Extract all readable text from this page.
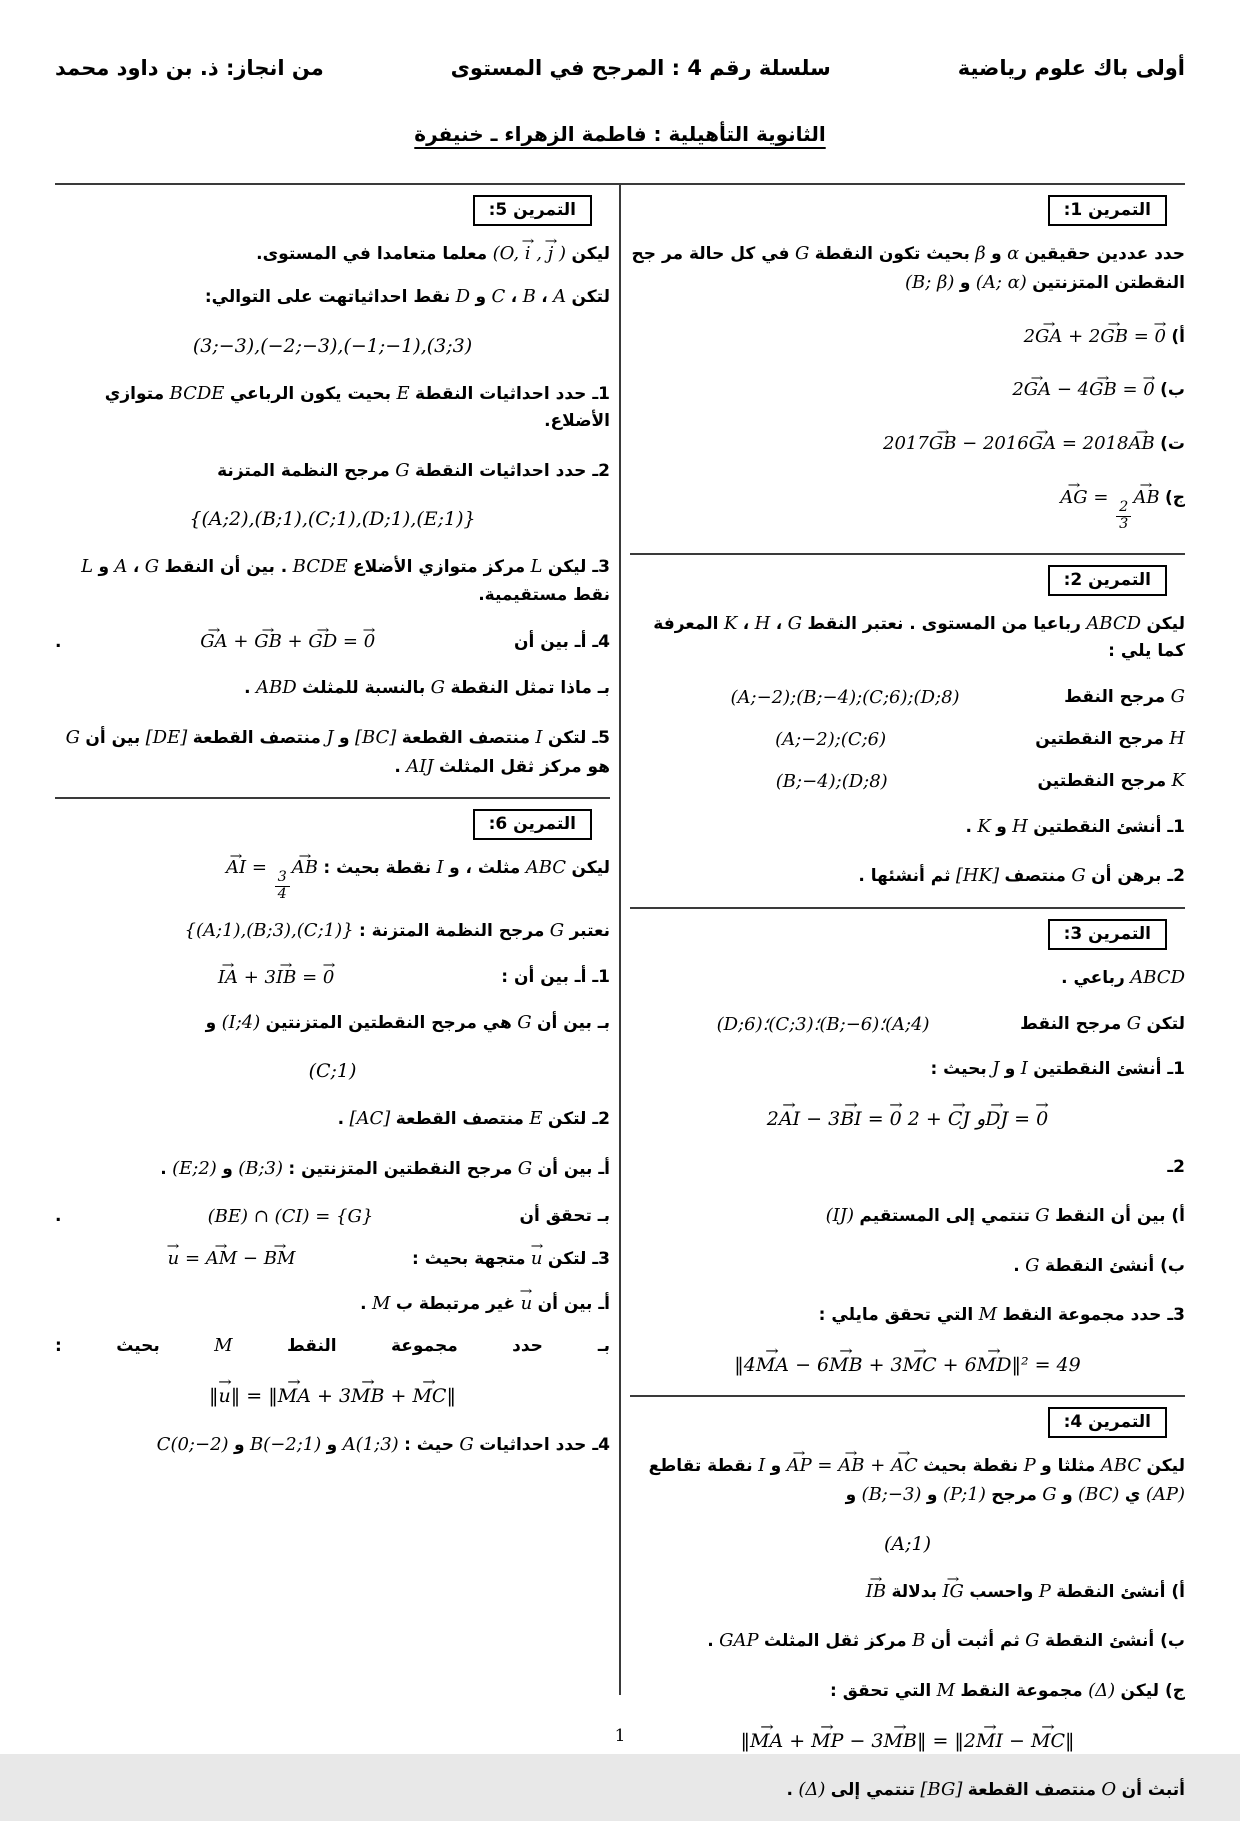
أولى باك علوم رياضية
سلسلة رقم 4 : المرجح في المستوى
من انجاز: ذ. بن داود محمد
الثانوية التأهيلية : فاطمة الزهراء ـ خنيفرة
التمرين 1:
حدد عددين حقيقين α و β بحيث تكون النقطة G في كل حالة مر جح النقطتن المتزنتين (A; α) و (B; β)
أ) 2→ GA + 2→ GB = → 0
ب) 2→ GA − 4→ GB = → 0
ت) 2017→ GB − 2016→ GA = 2018→ AB
ج) → AG =
$\frac{2}{3}$
→ AB
التمرين 2:
ليكن ABCD رباعيا من المستوى . نعتبر النقط G ، H ، K المعرفة كما يلي :
G مرجح النقط
(A;−2);(B;−4);(C;6);(D;8)
H مرجح النقطتين
(A;−2);(C;6)
K مرجح النقطتين
(B;−4);(D;8)
1ـ أنشئ النقطتين H و K .
2ـ برهن أن G منتصف [HK] ثم أنشئها .
التمرين 3:
ABCD رباعي .
لتكن G مرجح النقط
(A;4)؛(B;−6)؛(C;3)؛(D;6)
1ـ أنشئ النقطتين I و J بحيث :
2→ AI − 3→ BI = → 0 و → CJ + 2 → DJ = → 0
2ـ
أ) بين أن النقط G تنتمي إلى المستقيم (IJ)
ب) أنشئ النقطة G .
3ـ حدد مجموعة النقط M التي تحقق مايلي :
‖4→ MA − 6→ MB + 3→ MC + 6→ MD‖² = 49
التمرين 4:
ليكن ABC مثلثا و P نقطة بحيث → AP = → AB + → AC و I نقطة تقاطع (AP) ي (BC) و G مرجح (P;1) و (B;−3) و
(A;1)
أ) أنشئ النقطة P واحسب → IG بدلالة → IB
ب) أنشئ النقطة G ثم أثبت أن B مركز ثقل المثلث GAP .
ج) ليكن (Δ) مجموعة النقط M التي تحقق :
‖→ MA + → MP − 3→ MB‖ = ‖2→ MI − → MC‖
أتبث أن O منتصف القطعة [BG] تنتمي إلى (Δ) .
التمرين 5:
ليكن (O, → i , → j ) معلما متعامدا في المستوى.
لتكن A ، B ، C و D نقط احداثياتهت على التوالي:
(3;−3),(−2;−3),(−1;−1),(3;3)
1ـ حدد احداثيات النقطة E بحيت يكون الرباعي BCDE متوازي الأضلاع.
2ـ حدد احداثيات النقطة G مرجح النظمة المتزنة
{(A;2),(B;1),(C;1),(D;1),(E;1)}
3ـ ليكن L مركز متوازي الأضلاع BCDE . بين أن النقط G ، A و L نقط مستقيمية.
4ـ أـ بين أن
→ GA + → GB + → GD = → 0
.
بـ ماذا تمثل النقطة G بالنسبة للمثلث ABD .
5ـ لتكن I منتصف القطعة [BC] و J منتصف القطعة [DE] بين أن G هو مركز ثقل المثلث AIJ .
التمرين 6:
ليكن ABC مثلث ، و I نقطة بحيث : → AI =
$\frac{3}{4}$
→ AB
نعتبر G مرجح النظمة المتزنة : {(A;1),(B;3),(C;1)}
1ـ أـ بين أن :
→ IA + 3→ IB = → 0
بـ بين أن G هي مرجح النقطتين المتزنتين (I;4) و
(C;1)
2ـ لتكن E منتصف القطعة [AC] .
أـ بين أن G مرجح النقطتين المتزنتين : (B;3) و (E;2) .
بـ تحقق أن
(BE) ∩ (CI) = {G}
.
3ـ لتكن → u متجهة بحيث :
→ u = → AM − → BM
أـ بين أن → u غير مرتبطة ب M .
بـ حدد مجموعة النقط M بحيث :
‖→ u‖ = ‖→ MA + 3→ MB + → MC‖
4ـ حدد احداثيات G حيث : A(1;3) و B(−2;1) و C(0;−2)
1
